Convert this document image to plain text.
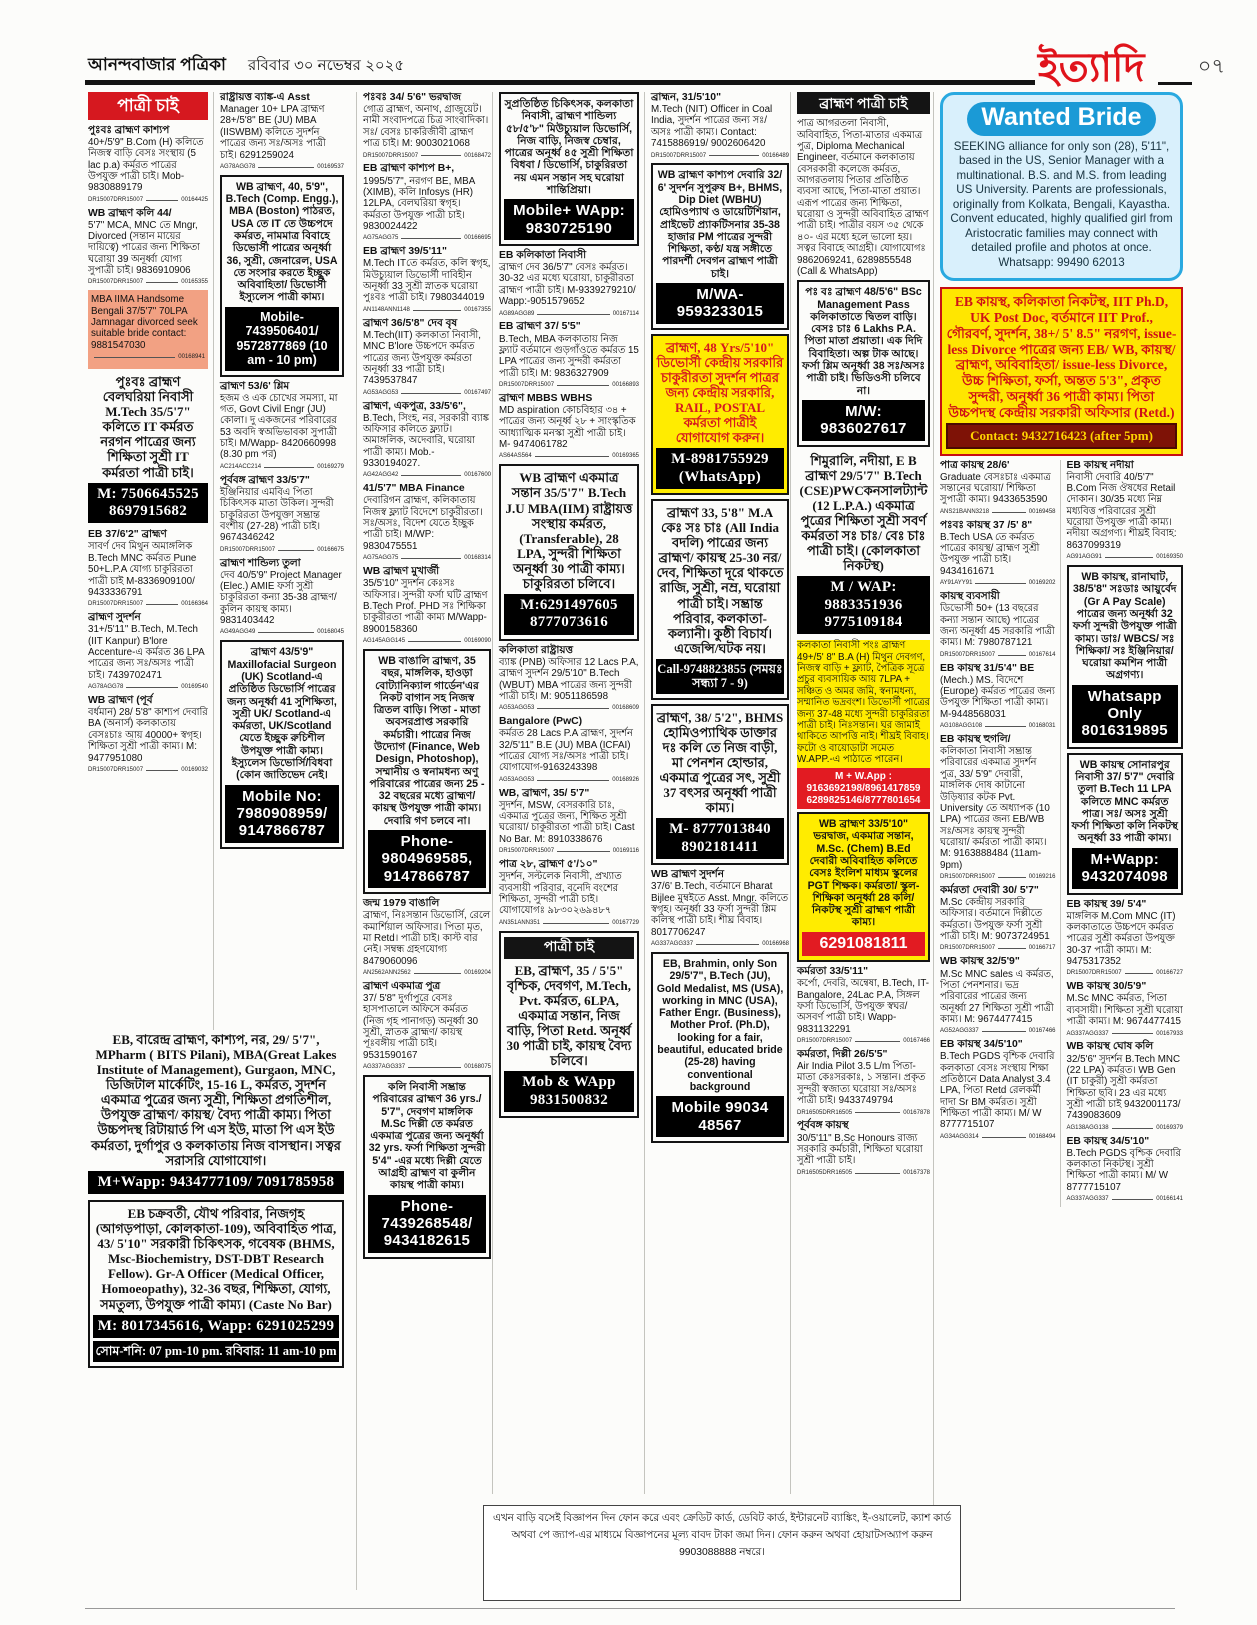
আনন্দবাজার পত্রিকা রবিবার ৩০ নভেম্বর ২০২৫	ইত্যাদি	০৭
পাত্রী চাই
পুঃবঃ ব্রাহ্মণ কাশ্যপ
40+/5'9" B.Com (H) কলিতে নিজস্ব বাড়ি বেসঃ সংস্থায় (5 lac p.a) কর্মরত পাত্রের উপযুক্ত পাত্রী চাই। Mob-9830889179
DR15007DRR15007	00164425
WB ব্রাহ্মণ কলি 44/
5'7" MCA, MNC তে Mngr, Divorced (সন্তান মায়ের দায়িত্বে) পাত্রের জন্য শিক্ষিতা ঘরোয়া 39 অনূর্ধ্বা যোগ্য সুপাত্রী চাই। 9836910906
DR15007DRR15007	00165355
MBA IIMA Handsome Bengali 37/5'7" 70LPA Jamnagar divorced seek suitable bride contact: 9881547030
00168941
পুঃবঃ ব্রাহ্মণ বেলঘরিয়া নিবাসী M.Tech 35/5'7" কলিতে IT কর্মরত নরগন পাত্রের জন্য শিক্ষিতা সুশ্রী IT কর্মরতা পাত্রী চাই।
M: 7506645525 8697915682
EB 37/6'2" ব্রাহ্মণ
সাবর্ণ দেব মিথুন অমাঙ্গলিক B.Tech MNC কর্মরত Pune 50+L.P.A যোগ্য চাকুরিরতা পাত্রী চাই M-8336909100/ 9433336791
DR15007DRR15007	00166364
ব্রাহ্মণ সুদর্শন
31+/5'11" B.Tech, M.Tech (IIT Kanpur) B'lore Accenture-এ কর্মরত 36 LPA পাত্রের জন্য সঃ/অসঃ পাত্রী চাই। 7439702471
AG78AGG78	00169540
WB ব্রাহ্মণ (পূর্ব
বর্ধমান) 28/ 5'8" কাশ্যপ দেবারি BA (অনার্স) কলকাতায় বেসঃচাঃ আয় 40000+ স্বগৃহ। শিক্ষিতা সুশ্রী পাত্রী কাম্য। M: 9477951080
DR15007DRR15007	00169032
রাষ্ট্রায়ত্ত ব্যাঙ্ক-এ Asst
Manager 10+ LPA ব্রাহ্মণ 28+/5'8" BE (JU) MBA (IISWBM) কলিতে সুদর্শন পাত্রের জন্য সঃ/অসঃ পাত্রী চাই। 6291259024
AG78AGG78	00169537
WB ব্রাহ্মণ, 40, 5'9", B.Tech (Comp. Engg.), MBA (Boston) পাঠরত, USA তে IT তে উচ্চপদে কর্মরত, নামমাত্র বিবাহে ডিভোর্সী পাত্রের অনূর্ধ্বা 36, সুশ্রী, জেনারেল, USA তে সংসার করতে ইচ্ছুক অবিবাহিতা/ ডিভোর্সী ইস্যুলেস পাত্রী কাম্য।
Mobile- 7439506401/ 9572877869 (10 am - 10 pm)
ব্রাহ্মণ 53/6' শ্লিম
হজম ও এক চোখের সমস্যা, মা গত, Govt Civil Engr (JU) কোলা। দু একজনের পরিবারের 53 অবদি স্বঅভিভাবকা সুপাত্রী চাই। M/Wapp- 8420660998 (8.30 pm পর)
AC214ACC214	00169279
পূর্ববঙ্গ ব্রাহ্মণ 33/5'7"
ইঞ্জিনিয়ার এমবিএ পিতা চিকিৎসক মাতা উকিল। সুন্দরী চাকুরিরতা উপযুক্তা সম্ভ্রান্ত বংশীয় (27-28) পাত্রী চাই। 9674346242
DR15007DRR15007	00166675
ব্রাহ্মণ শান্ডিল্য তুলা
দেব 40/5'9" Project Manager (Elec.) AMIE ফর্সা সুশ্রী চাকুরিরতা কন্যা 35-38 ব্রাহ্মণ/কুলিন কায়স্থ কাম্য। 9831403442
AG49AGG49	00168045
ব্রাহ্মণ 43/5'9" Maxillofacial Surgeon (UK) Scotland-এ প্রতিষ্ঠিত ডিভোর্সি পাত্রের জন্য অনূর্ধ্বা 41 সুশিক্ষিতা, সুশ্রী UK/ Scotland-এ কর্মরতা, UK/Scotland যেতে ইচ্ছুক রুচিশীল উপযুক্ত পাত্রী কাম্য। ইস্যুলেস ডিভোর্সি/বিধবা (কোন জাতিভেদ নেই।
Mobile No: 7980908959/ 9147866787
EB, বারেন্দ্র ব্রাহ্মণ, কাশ্যপ, নর, 29/ 5'7", MPharm ( BITS Pilani), MBA(Great Lakes Institute of Management), Gurgaon, MNC, ডিজিটাল মার্কেটিং, 15-16 L, কর্মরত, সুদর্শন একমাত্র পুত্রের জন্য সুশ্রী, শিক্ষিতা প্রগতিশীল, উপযুক্ত ব্রাহ্মণ/ কায়স্থ/ বৈদ্য পাত্রী কাম্য। পিতা উচ্চপদস্থ রিটায়ার্ড পি এস ইউ, মাতা পি এস ইউ কর্মরতা, দুর্গাপুর ও কলকাতায় নিজ বাসস্থান। সত্বর সরাসরি যোগাযোগ।
M+Wapp: 9434777109/ 7091785958
EB চক্রবর্তী, যৌথ পরিবার, নিজগৃহ (আগড়পাড়া, কোলকাতা-109), অবিবাহিত পাত্র, 43/ 5'10" সরকারী চিকিৎসক, গবেষক (BHMS, Msc-Biochemistry, DST-DBT Research Fellow). Gr-A Officer (Medical Officer, Homoeopathy), 32-36 বছর, শিক্ষিতা, যোগ্য, সমতুল্য, উপযুক্ত পাত্রী কাম্য। (Caste No Bar)
M: 8017345616, Wapp: 6291025299
সোম-শনি: 07 pm-10 pm. রবিবার: 11 am-10 pm
পঃবঃ 34/ 5'6" ভরদ্বাজ
গোত্র ব্রাহ্মণ, অনাথ, গ্রাজুয়েট। নামী সংবাদপত্রে চিত্র সাংবাদিকা। সঃ/ বেসঃ চাকরিজীবী ব্রাহ্মণ পাত্র চাই। M: 9003021068
DR15007DRR15007	00168472
EB ব্রাহ্মণ কাশ্যপ B+,
1995/5'7", নরগণ BE, MBA (XIMB), কলি Infosys (HR) 12LPA, বেলঘরিয়া স্বগৃহ। কর্মরতা উপযুক্ত পাত্রী চাই। 9830024422
AG75AGG75	00166695
EB ব্রাহ্মণ 39/5'11"
M.Tech ITতে কর্মরত, কলি স্বগৃহ, মিউচ্যুয়াল ডিভোর্সী দাবিহীন অনূর্ধ্বা 33 সুশ্রী স্নাতক ঘরোয়া পুঃবঃ পাত্রী চাই। 7980344019
AN1148ANN1148	00167355
ব্রাহ্মণ 36/5'8" দেব বৃষ
M.Tech(IIT) কলকাতা নিবাসী, MNC B'lore উচ্চপদে কর্মরত পাত্রের জন্য উপযুক্ত কর্মরতা অনূর্ধ্বা 33 পাত্রী চাই। 7439537847
AG53AGG53	00167497
ব্রাহ্মণ, একপুত্র, 33/5'6",
B.Tech, সিংহ, নর, সরকারী ব্যাঙ্ক অফিসার কলিতে ফ্ল্যাট। অমাঙ্গলিক, অদেবারি, ঘরোয়া পাত্রী কাম্য। Mob.- 9330194027.
AG42AGG42	00167600
41/5'7" MBA Finance
দেবারিগন ব্রাহ্মণ, কলিকাতায় নিজস্ব ফ্ল্যাট বিদেশে চাকুরীরতা। সঃ/অসঃ, বিদেশ যেতে ইচ্ছুক পাত্রী চাই। M/WP: 9830475551
AG75AGG75	00168314
WB ব্রাহ্মণ মুখার্জী
35/5'10" সুদর্শন কেঃসঃ অফিসার। সুন্দরী ফর্সা ঘটি ব্রাহ্মণ B.Tech Prof. PHD সঃ শিক্ষিকা চাকুরীরতা পাত্রী কাম্য M/Wapp- 8900158360
AG145AGG145	00169090
WB বাঙালি ব্রাহ্মণ, 35 বছর, মাঙ্গলিক, হাওড়া বোট্যানিক্যাল গার্ডেন'এর নিকট বাগান সহ নিজস্ব ত্রিতল বাড়ি। পিতা - মাতা অবসরপ্রাপ্ত সরকারি কর্মচারী। পাত্রের নিজ উদ্যোগ (Finance, Web Design, Photoshop), সম্মানীয় ও স্বনামধন্য অণু পরিবারের পাত্রের জন্য 25 - 32 বছরের মধ্যে ব্রাহ্মণ/ কায়স্থ উপযুক্ত পাত্রী কাম্য। দেবারি গণ চলবে না।
Phone- 9804969585, 9147866787
জন্ম 1979 বাঙালি
ব্রাহ্মণ, নিঃসন্তান ডিভোর্সি, রেলে কমার্শিয়াল অফিসার। পিতা মৃত, মা Retd। পাত্রী চাই। কাস্ট বার নেই। সম্বন্ধ গ্রহণযোগ্য 8479060096
AN2562ANN2562	00169204
ব্রাহ্মণ একমাত্র পুত্র
37/ 5'8" দুর্গাপুরে বেসঃ হাসপাতালে অফিসে কর্মরত (নিজ গৃহ পানাগড়) অনূর্ধ্বা 30 সুশ্রী, স্নাতক ব্রাহ্মণ/ কায়স্থ পূঃবঙ্গীয় পাত্রী চাই। 9531590167
AG337AGG337	00168075
কলি নিবাসী সম্ভ্রান্ত পরিবারের ব্রাহ্মণ 36 yrs./ 5'7", দেবগণ মাঙ্গলিক M.Sc দিল্লী তে কর্মরত একমাত্র পুত্রের জন্য অনূর্ধ্বা 32 yrs. ফর্সা শিক্ষিতা সুন্দরী 5'4" -এর মধ্যে দিল্লী যেতে আগ্রহী ব্রাহ্মণ বা কুলীন কায়স্থ পাত্রী কাম্য।
Phone- 7439268548/ 9434182615
সুপ্রতিষ্ঠিত চিকিৎসক, কলকাতা নিবাসী, ব্রাহ্মণ শান্ডিল্য ৫৮/৫'৮" মিউচ্যুয়াল ডিভোর্সি, নিজ বাড়ি, নিজস্ব চেম্বার, পাত্রের অনূর্ধ্ব ৪৫ সুশ্রী শিক্ষিতা বিধবা / ডিভোর্সি, চাকুরিরতা নয় এমন সন্তান সহ ঘরোয়া শান্তিপ্রিয়া।
Mobile+ WApp: 9830725190
EB কলিকাতা নিবাসী
ব্রাহ্মণ দেব 36/5'7" বেসঃ কর্মরত। 30-32 এর মধ্যে ঘরোয়া, চাকুরীরতা ব্রাহ্মণ পাত্রী চাই। M-9339279210/ Wapp:-9051579652
AG89AGG89	00167114
EB ব্রাহ্মণ 37/ 5'5"
B.Tech, MBA কলকাতায় নিজ ফ্ল্যাট বর্তমানে গুড়গাঁওতে কর্মরত 15 LPA পাত্রের জন্য সুন্দরী কর্মরতা পাত্রী চাই। M: 9836327909
DR15007DRR15007	00166893
ব্রাহ্মণ MBBS WBHS
MD aspiration কোচবিহার ৩৪ + পাত্রের জন্য অনূর্ধ্ব ২৮ + সাংস্কৃতিক আধ্যাত্মিক মনস্কা সুশ্রী পাত্রী চাই। M- 9474061782
AS64AS564	00169365
WB ব্রাহ্মণ একমাত্র সন্তান 35/5'7" B.Tech J.U MBA(IIM) রাষ্ট্রায়ত্ত সংস্থায় কর্মরত, (Transferable), 28 LPA, সুন্দরী শিক্ষিতা অনূর্ধ্বা 30 পাত্রী কাম্য। চাকুরিরতা চলিবে।
M:6291497605 8777073616
কলিকাতা রাষ্ট্রায়ত্ত
ব্যাঙ্ক (PNB) অফিসার 12 Lacs P.A, ব্রাহ্মণ সুদর্শন 29/5'10" B.Tech (WBUT) MBA পাত্রের জন্য সুন্দরী পাত্রী চাই। M: 9051186598
AG53AGG53	00168609
Bangalore (PwC)
কর্মরত 28 Lacs P.A ব্রাহ্মণ, সুদর্শন 32/5'11" B.E (JU) MBA (ICFAI) পাত্রের যোগ্য সঃ/অসঃ পাত্রী চাই। যোগাযোগ-9163243398
AG53AGG53	00168926
WB, ব্রাহ্মণ, 35/ 5'7"
সুদর্শন, MSW, বেসরকারি চাঃ, একমাত্র পুত্রের জন্য, শিক্ষিত সুশ্রী ঘরোয়া/ চাকুরীরতা পাত্রী চাই। Cast No Bar. M: 8910338676
DR15007DRR15007	00169116
পাত্র ২৮, ব্রাহ্মণ ৫'/১০"
সুদর্শন, সল্টলেক নিবাসী, প্রখ্যাত ব্যবসায়ী পরিবার, বনেদি বংশের শিক্ষিতা, সুন্দরী পাত্রী চাই। যোগাযোগঃ ৯৮৩০২৬৯৪৮৭
AN351ANN351	00167729
পাত্রী চাই
EB, ব্রাহ্মণ, 35 / 5'5" বৃশ্চিক, দেবগণ, M.Tech, Pvt. কর্মরত, 6LPA, একমাত্র সন্তান, নিজ বাড়ি, পিতা Retd. অনূর্ধ্ব 30 পাত্রী চাই, কায়স্থ বৈদ্য চলিবে।
Mob & WApp 9831500832
ব্রাহ্মন, 31/5'10"
M.Tech (NIT) Officer in Coal India, সুদর্শন পাত্রের জন্য সঃ/ অসঃ পাত্রী কাম্য। Contact: 7415886919/ 9002606420
DR15007DRR15007	00166489
WB ব্রাহ্মণ কাশ্যপ দেবারি 32/ 6' সুদর্শন সুপুরুষ B+, BHMS, Dip Diet (WBHU) হোমিওপ্যাথ ও ডায়েটিশিয়ান, প্রাইভেট প্র্যাকটিসনার 35-38 হাজার PM পাত্রের সুন্দরী শিক্ষিতা, কণ্ঠ/ যন্ত্র সঙ্গীতে পারদর্শী দেবগন ব্রাহ্মণ পাত্রী চাই।
M/WA- 9593233015
ব্রাহ্মণ, 48 Yrs/5'10" ডিভোর্সী কেন্দ্রীয় সরকারি চাকুরীরতা সুদর্শন পাত্রর জন্য কেন্দ্রীয় সরকারি, RAIL, POSTAL কর্মরতা পাত্রীই যোগাযোগ করুন।
M-8981755929 (WhatsApp)
ব্রাহ্মণ 33, 5'8" M.A কেঃ সঃ চাঃ (All India বদলি) পাত্রের জন্য ব্রাহ্মণ/ কায়স্থ 25-30 নর/দেব, শিক্ষিতা দূরে থাকতে রাজি, সুশ্রী, নম্র, ঘরোয়া পাত্রী চাই। সম্ভ্রান্ত পরিবার, কলকাতা- কল্যানী। কুষ্ঠী বিচার্য। এজেন্সি/ঘটক নয়।
Call-9748823855 (সময়ঃ সন্ধ্যা 7 - 9)
ব্রাহ্মণ, 38/ 5'2", BHMS হোমিওপ্যাথিক ডাক্তার দঃ কলি তে নিজ বাড়ী, মা পেনশন হোল্ডার, একমাত্র পুত্রের সৎ, সুশ্রী 37 বৎসর অনূর্ধ্বা পাত্রী কাম্য।
M- 8777013840 8902181411
WB ব্রাহ্মণ সুদর্শন
37/6' B.Tech, বর্তমানে Bharat Bijlee মুম্বইতে Asst. Mngr. কলিতে স্বগৃহ। অনূর্ধ্বা 33 ফর্সা সুন্দরী শ্লিম কলিস্থ পাত্রী চাই। শীঘ্র বিবাহ। 8017706247
AG337AGG337	00166968
EB, Brahmin, only Son 29/5'7", B.Tech (JU), Gold Medalist, MS (USA), working in MNC (USA), Father Engr. (Business), Mother Prof. (Ph.D), looking for a fair, beautiful, educated bride (25-28) having conventional background
Mobile 99034 48567
ব্রাহ্মণ পাত্রী চাই
পাত্র আগরতলা নিবাসী, অবিবাহিত, পিতা-মাতার একমাত্র পুত্র, Diploma Mechanical Engineer, বর্তমানে কলকাতায় বেসরকারী কলেজে কর্মরত, আগরতলায় পিতার প্রতিষ্ঠিত ব্যবসা আছে, পিতা-মাতা প্রয়াত। এরূপ পাত্রের জন্য শিক্ষিতা, ঘরোয়া ও সুন্দরী অবিবাহিত ব্রাহ্মণ পাত্রী চাই। পাত্রীর বয়স ৩৫ থেকে ৪০- এর মধ্যে হলে ভালো হয়। সত্বর বিবাহে আগ্রহী। যোগাযোগঃ 9862069241, 6289855548 (Call & WhatsApp)
পঃ বঃ ব্রাহ্মণ 48/5'6" BSc Management Pass কলিকাতাতে দ্বিতল বাড়ি। বেসঃ চাঃ 6 Lakhs P.A. পিতা মাতা প্রয়াতা। এক দিদি বিবাহিতা। অল্প টাক আছে। ফর্সা শ্লিম অনূর্ধ্বা 38 সঃ/অসঃ পাত্রী চাই। ভিডিওসী চলিবে না।
M/W: 9836027617
শিমুরালি, নদীয়া, E B ব্রাহ্মণ 29/5'7" B.Tech (CSE)PWCকনসালট্যান্ট (12 L.P.A.) একমাত্র পুত্রের শিক্ষিতা সুশ্রী সবর্ণ কর্মরতা সঃ চাঃ/ বেঃ চাঃ পাত্রী চাই। (কোলকাতা নিকটস্থ)
M / WAP: 9883351936 9775109184
কলকাতা নিবাসী পংঃ ব্রাহ্মণ 49+/5' 8" B.A (H) মিথুন দেবগণ, নিজস্ব বাড়ি + ফ্ল্যাট, পৈত্রিক সূত্রে প্রচুর ব্যবসায়িক আয় 7LPA + সঞ্চিত ও অমর জমি, স্বনামধন্য, সম্মানিত ভদ্রবংশ। ডিভোর্সী পাত্রের জন্য 37-48 মধ্যে সুন্দরী চাকুরিরতা পাত্রী চাই। নিঃসন্তান। ঘর জামাই থাকিতে আপত্তি নাই। শীঘ্রই বিবাহ। ফটো ও বায়োডাটা সমেত W.APP.-এ পাঠাতে পারেন।
M + W.App : 9163692198/8961417859 6289825146/8777801654
WB ব্রাহ্মণ 33/5'10" ভরদ্বাজ, একমাত্র সন্তান, M.Sc. (Chem) B.Ed দেবারী অবিবাহিত কলিতে বেসঃ ইংলিশ মাধ্যম স্কুলের PGT শিক্ষক। কর্মরতা/ স্কুল-শিক্ষিকা অনূর্ধ্বা 28 কলি/নিকটস্থ সুশ্রী ব্রাহ্মণ পাত্রী কাম্য।
6291081811
কর্মরতা 33/5'11"
কর্পো, দেবরি, অন্বেষা, B.Tech, IT-Bangalore, 24Lac P.A, সিঙ্গল ফর্সা ডিভোর্সি, উপযুক্ত স্বঘর/ অসবর্ণ পাত্রী চাই। Wapp- 9831132291
DR15007DRR15007	00167466
কর্মরতা, দিল্লী 26/5'5"
Air India Pilot 3.5 L/m পিতা-মাতা কেঃসরকাঃ, ১ সন্তান। প্রকৃত সুন্দরী স্বজাত্য ঘরোয়া সঃ/অসঃ পাত্রী চাই। 9433749794
DR16505DRR16505	00167878
পূর্ববঙ্গ কায়স্থ
30/5'11" B.Sc Honours রাজ্য সরকারি কর্মচারী, শিক্ষিতা ঘরোয়া সুশ্রী পাত্রী চাই।
DR16505DRR16505	00167378
Wanted Bride
SEEKING alliance for only son (28), 5'11", based in the US, Senior Manager with a multinational. B.S. and M.S. from leading US University. Parents are professionals, originally from Kolkata, Bengali, Kayastha. Convent educated, highly qualified girl from Aristocratic families may connect with detailed profile and photos at once. Whatsapp: 99490 62013
EB কায়স্থ, কলিকাতা নিকটস্থ, IIT Ph.D, UK Post Doc, বর্তমানে IIT Prof., গৌরবর্ণ, সুদর্শন, 38+/ 5' 8.5" নরগণ, issue-less Divorce পাত্রের জন্য EB/ WB, কায়স্থ/ ব্রাহ্মণ, অবিবাহিতা/ issue-less Divorce, উচ্চ শিক্ষিতা, ফর্সা, অন্তত 5'3", প্রকৃত সুন্দরী, অনুর্ধ্বা 36 পাত্রী কাম্য। পিতা উচ্চপদস্থ কেন্দ্রীয় সরকারী অফিসার (Retd.)
Contact: 9432716423 (after 5pm)
পাত্র কায়স্থ 28/6'
Graduate বেসঃচাঃ একমাত্র সন্তানের ঘরোয়া/ শিক্ষিতা সুপাত্রী কাম্য। 9433653590
ANS21BANN3218	00169458
পঃবঃ কায়স্থ 37 /5' 8"
B.Tech USA তে কর্মরত পাত্রের কায়স্থ/ ব্রাহ্মণ সুশ্রী উপযুক্ত পাত্রী চাই। 9434161671
AY91AYY91	00169202
কায়স্থ ব্যবসায়ী
ডিভোর্সী 50+ (13 বছরের কন্যা সন্তান আছে) পাত্রের জন্য অনূর্ধ্বা 45 সরকারি পাত্রী কাম্য। M: 7980787121
DR15007DRR15007	00167614
EB কায়স্থ 31/5'4" BE
(Mech.) MS. বিদেশে (Europe) কর্মরত পাত্রের জন্য উপযুক্ত শিক্ষিতা পাত্রী কাম্য। M-9448568031
AG108AGG108	00168031
EB কায়স্থ হুগলি/
কলিকাতা নিবাসী সম্ভ্রান্ত পরিবারের একমাত্র সুদর্শন পুত্র, 33/ 5'9" দেবারী, মাঙ্গলিক দোষ কাটানো উড়িষ্যার কটক Pvt. University তে অধ্যাপক (10 LPA) পাত্রের জন্য EB/WB সঃ/অসঃ কায়স্থ সুন্দরী ঘরোয়া/ কর্মরতা পাত্রী কাম্য। M: 9163888484 (11am-9pm)
DR15007DRR15007	00169216
কর্মরতা দেবারী 30/ 5'7"
M.Sc কেন্দ্রীয় সরকারি অফিসার। বর্তমানে দিল্লীতে কর্মরতা। উপযুক্ত ফর্সা সুশ্রী পাত্রী চাই। M: 9073724951
DR15007DRR15007	00166717
WB কায়স্থ 32/5'9"
M.Sc MNC sales এ কর্মরত, পিতা পেনশনার। ভদ্র পরিবারের পাত্রের জন্য অনূর্ধ্বা 27 শিক্ষিতা সুশ্রী পাত্রী কাম্য। M: 9674477415
AG52AGG337	00167466
EB কায়স্থ 34/5'10"
B.Tech PGDS বৃশ্চিক দেবারি কলকাতা বেসঃ সংস্থায় শিক্ষা প্রতিষ্ঠানে Data Analyst 3.4 LPA, পিতা Retd রেলকর্মী দাদা Sr BM কর্মরত। সুশ্রী শিক্ষিতা পাত্রী কাম্য। M/ W 8777715107
AG34AGG314	00168494
EB কায়স্থ নদীয়া
নিবাসী দেবারি 40/5'7" B.Com নিজ ঔষধের Retail দোকান। 30/35 মধ্যে নিম্ন মধ্যবিত্ত পরিবারের সুশ্রী ঘরোয়া উপযুক্ত পাত্রী কাম্য। নদীয়া অগ্রগণ্য। শীঘ্রই বিবাহ: 8637099319
AG91AGG91	00169350
WB কায়স্থ, রানাঘাট, 38/5'8" সঃডাঃ আয়ুর্বেদ (Gr A Pay Scale) পাত্রের জন্য অনূর্ধ্বা 32 ফর্সা সুন্দরী উপযুক্ত পাত্রী কাম্য। ডাঃ/ WBCS/ সঃ শিক্ষিকা/ সঃ ইঞ্জিনিয়ার/ ঘরোয়া কমশিন পাত্রী অগ্রগণ্য।
Whatsapp Only 8016319895
WB কায়স্থ সোনারপুর নিবাসী 37/ 5'7" দেবারি তুলা B.Tech 11 LPA কলিতে MNC কর্মরত পাত্র। সঃ/ অসঃ সুশ্রী ফর্সা শিক্ষিতা কলি নিকটস্থ অনূর্ধ্বা 33 পাত্রী কাম্য।
M+Wapp: 9432074098
EB কায়স্থ 39/ 5'4"
মাঙ্গলিক M.Com MNC (IT) কলকাতাতে উচ্চপদে কর্মরত পাত্রের সুশ্রী কর্মরতা উপযুক্ত 30-37 পাত্রী কাম্য। M: 9475317352
DR15007DRR15007	00166727
WB কায়স্থ 30/5'9"
M.Sc MNC কর্মরত, পিতা ব্যবসায়ী। শিক্ষিতা সুশ্রী ঘরোয়া পাত্রী কাম্য। M: 9674477415
AG337AGG337	00167933
WB কায়স্থ ঘোষ কলি
32/5'6" সুদর্শন B.Tech MNC (22 LPA) কর্মরত। WB Gen (IT চাকুরী) সুশ্রী কর্মরতা শিক্ষিতা ছবি। 23 এর মধ্যে সুশ্রী পাত্রী চাই 9432001173/ 7439083609
AG138AGG138	00169379
EB কায়স্থ 34/5'10"
B.Tech PGDS বৃশ্চিক দেবারি কলকাতা নিকটস্থ। সুশ্রী শিক্ষিতা পাত্রী কাম্য। M/ W 8777715107
AG337AGG337	00166141
এখন বাড়ি বসেই বিজ্ঞাপন দিন ফোন করে এবং ক্রেডিট কার্ড, ডেবিট কার্ড, ইন্টারনেট ব্যাঙ্কিং, ই-ওয়ালেট, ক্যাশ কার্ড অথবা পে জ্যাপ-এর মাধ্যমে বিজ্ঞাপনের মূল্য বাবদ টাকা জমা দিন। ফোন করুন অথবা হোয়াটসঅ্যাপ করুন 9903088888 নম্বরে।
